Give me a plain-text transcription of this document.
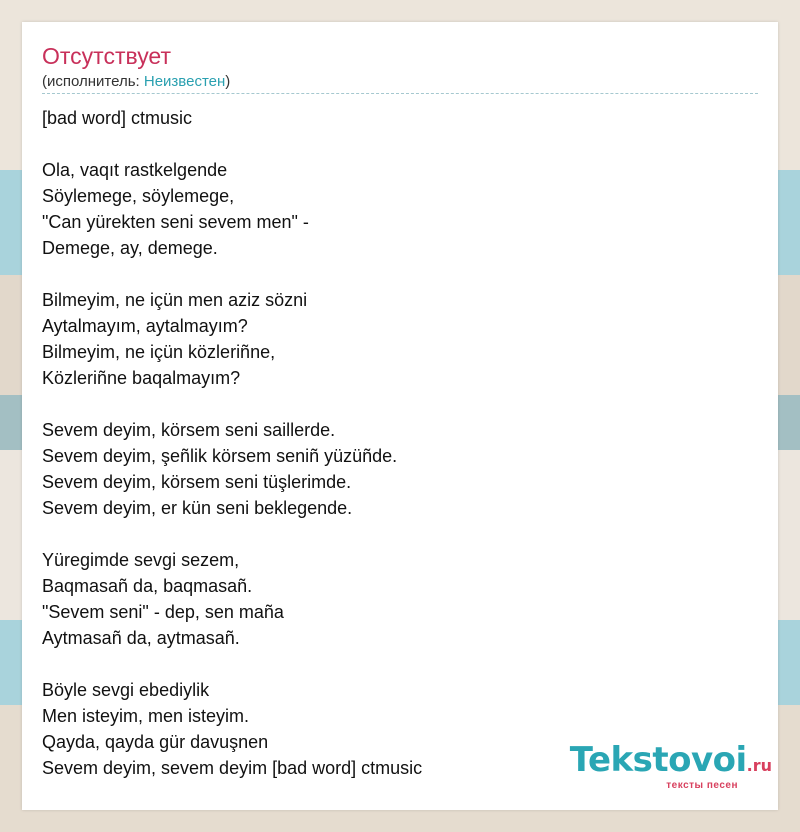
Отсутствует
(исполнитель: Неизвестен)
[bad word] ctmusic
Ola, vaqıt rastkelgende
Söylemege, söylemege,
"Can yürekten seni sevem men" -
Demege, ay, demege.
Bilmeyim, ne içün men aziz sözni
Aytalmayım, aytalmayım?
Bilmeyim, ne içün közleriñne,
Közleriñne baqalmayım?
Sevem deyim, körsem seni saillerde.
Sevem deyim, şeñlik körsem seniñ yüzüñde.
Sevem deyim, körsem seni tüşlerimde.
Sevem deyim, er kün seni beklegende.
Yüregimde sevgi sezem,
Baqmasañ da, baqmasañ.
"Sevem seni" - dep, sen maña
Aytmasañ da, aytmasañ.
Böyle sevgi ebediylik
Men isteyim, men isteyim.
Qayda, qayda gür davuşnen
Sevem deyim, sevem deyim [bad word] ctmusic	Tekstovoi.ru
тексты песен
